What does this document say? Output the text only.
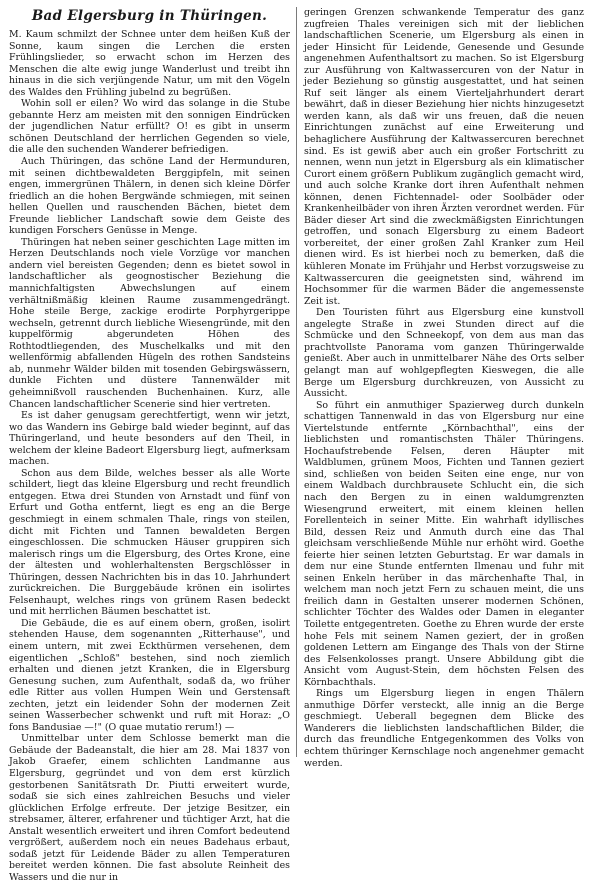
Bad Elgersburg in Thüringen.

M. Kaum schmilzt der Schnee unter dem heißen Kuß der Sonne, kaum singen die Lerchen die ersten Frühlingslieder, so erwacht schon im Herzen des Menschen die alte ewig junge Wanderlust und treibt ihn hinaus in die sich verjüngende Natur, um mit den Vögeln des Waldes den Frühling jubelnd zu begrüßen.

Wohin soll er eilen? Wo wird das solange in die Stube gebannte Herz am meisten mit den sonnigen Eindrücken der jugendlichen Natur erfüllt? O! es gibt in unserm schönen Deutschland der herrlichen Gegenden so viele, die alle den suchenden Wanderer befriedigen.

Auch Thüringen, das schöne Land der Hermunduren, mit seinen dichtbewaldeten Berggipfeln, mit seinen engen, immergrünen Thälern, in denen sich kleine Dörfer friedlich an die hohen Bergwände schmiegen, mit seinen hellen Quellen und rauschenden Bächen, bietet dem Freunde lieblicher Landschaft sowie dem Geiste des kundigen Forschers Genüsse in Menge.

Thüringen hat neben seiner geschichten Lage mitten im Herzen Deutschlands noch viele Vorzüge vor manchen andern viel bereisten Gegenden; denn es bietet sowol in landschaftlicher als geognostischer Beziehung die mannichfaltigsten Abwechslungen auf einem verhältnißmäßig kleinen Raume zusammengedrängt. Hohe steile Berge, zackige erodirte Porphyrgerippe wechseln, getrennt durch liebliche Wiesengründe, mit den kuppelförmig abgerundeten Höhen des Rothtodtliegenden, des Muschelkalks und mit den wellenförmig abfallenden Hügeln des rothen Sandsteins ab, nunmehr Wälder bilden mit tosenden Gebirgswässern, dunkle Fichten und düstere Tannenwälder mit geheimnißvoll rauschenden Buchenhainen. Kurz, alle Chancen landschaftlicher Scenerie sind hier vertreten.

Es ist daher genugsam gerechtfertigt, wenn wir jetzt, wo das Wandern ins Gebirge bald wieder beginnt, auf das Thüringerland, und heute besonders auf den Theil, in welchem der kleine Badeort Elgersburg liegt, aufmerksam machen.

Schon aus dem Bilde, welches besser als alle Worte schildert, liegt das kleine Elgersburg und recht freundlich entgegen. Etwa drei Stunden von Arnstadt und fünf von Erfurt und Gotha entfernt, liegt es eng an die Berge geschmiegt in einem schmalen Thale, rings von steilen, dicht mit Fichten und Tannen bewaldeten Bergen eingeschlossen. Die schmucken Häuser gruppiren sich malerisch rings um die Elgersburg, des Ortes Krone, eine der ältesten und wohlerhaltensten Bergschlösser in Thüringen, dessen Nachrichten bis in das 10. Jahrhundert zurückreichen. Die Burggebäude krönen ein isolirtes Felsenhaupt, welches rings von grünem Rasen bedeckt und mit herrlichen Bäumen beschattet ist.

Die Gebäude, die es auf einem obern, großen, isolirt stehenden Hause, dem sogenannten „Ritterhause", und einem untern, mit zwei Eckthürmen versehenen, dem eigentlichen „Schloß" bestehen, sind noch ziemlich erhalten und dienen jetzt Kranken, die in Elgersburg Genesung suchen, zum Aufenthalt, sodaß da, wo früher edle Ritter aus vollen Humpen Wein und Gerstensaft zechten, jetzt ein leidender Sohn der modernen Zeit seinen Wasserbecher schwenkt und ruft mit Horaz: „O fons Bandusiae —!" (O quae mutatio rerum!) —

Unmittelbar unter dem Schlosse bemerkt man die Gebäude der Badeanstalt, die hier am 28. Mai 1837 von Jakob Graefer, einem schlichten Landmanne aus Elgersburg, gegründet und von dem erst kürzlich gestorbenen Sanitätsrath Dr. Piutti erweitert wurde, sodaß sie sich eines zahlreichen Besuchs und vieler glücklichen Erfolge erfreute. Der jetzige Besitzer, ein strebsamer, älterer, erfahrener und tüchtiger Arzt, hat die Anstalt wesentlich erweitert und ihren Comfort bedeutend vergrößert, außerdem noch ein neues Badehaus erbaut, sodaß jetzt für Leidende Bäder zu allen Temperaturen bereitet werden können. Die fast absolute Reinheit des Wassers und die nur in

geringen Grenzen schwankende Temperatur des ganz zugfreien Thales vereinigen sich mit der lieblichen landschaftlichen Scenerie, um Elgersburg als einen in jeder Hinsicht für Leidende, Genesende und Gesunde angenehmen Aufenthaltsort zu machen. So ist Elgersburg zur Ausführung von Kaltwassercuren von der Natur in jeder Beziehung so günstig ausgestattet, und hat seinen Ruf seit länger als einem Vierteljahrhundert derart bewährt, daß in dieser Beziehung hier nichts hinzugesetzt werden kann, als daß wir uns freuen, daß die neuen Einrichtungen zunächst auf eine Erweiterung und behaglichere Ausführung der Kaltwassercuren berechnet sind. Es ist gewiß aber auch ein großer Fortschritt zu nennen, wenn nun jetzt in Elgersburg als ein klimatischer Curort einem größern Publikum zugänglich gemacht wird, und auch solche Kranke dort ihren Aufenthalt nehmen können, denen Fichtennadel- oder Soolbäder oder Krankenheilbäder von ihren Ärzten verordnet werden. Für Bäder dieser Art sind die zweckmäßigsten Einrichtungen getroffen, und sonach Elgersburg zu einem Badeort vorbereitet, der einer großen Zahl Kranker zum Heil dienen wird. Es ist hierbei noch zu bemerken, daß die kühleren Monate im Frühjahr und Herbst vorzugsweise zu Kaltwassercuren die geeignetsten sind, während im Hochsommer für die warmen Bäder die angemessenste Zeit ist.

Den Touristen führt aus Elgersburg eine kunstvoll angelegte Straße in zwei Stunden direct auf die Schmücke und den Schneekopf, von dem aus man das prachtvollste Panorama vom ganzen Thüringerwalde genießt. Aber auch in unmittelbarer Nähe des Orts selber gelangt man auf wohlgepflegten Kieswegen, die alle Berge um Elgersburg durchkreuzen, von Aussicht zu Aussicht.

So führt ein anmuthiger Spazierweg durch dunkeln schattigen Tannenwald in das von Elgersburg nur eine Viertelstunde entfernte „Körnbachthal", eins der lieblichsten und romantischsten Thäler Thüringens. Hochaufstrebende Felsen, deren Häupter mit Waldblumen, grünem Moos, Fichten und Tannen geziert sind, schließen von beiden Seiten eine enge, nur von einem Waldbach durchbrausete Schlucht ein, die sich nach den Bergen zu in einen waldumgrenzten Wiesengrund erweitert, mit einem kleinen hellen Forellenteich in seiner Mitte. Ein wahrhaft idyllisches Bild, dessen Reiz und Anmuth durch eine das Thal gleichsam verschließende Mühle nur erhöht wird. Goethe feierte hier seinen letzten Geburtstag. Er war damals in dem nur eine Stunde entfernten Ilmenau und fuhr mit seinen Enkeln herüber in das märchenhafte Thal, in welchem man noch jetzt Fern zu schauen meint, die uns freilich dann in Gestalten unserer modernen Schönen, schlichter Töchter des Waldes oder Damen in eleganter Toilette entgegentreten. Goethe zu Ehren wurde der erste hohe Fels mit seinem Namen geziert, der in großen goldenen Lettern am Eingange des Thals von der Stirne des Felsenkolosses prangt. Unsere Abbildung gibt die Ansicht vom August-Stein, dem höchsten Felsen des Körnbachthals.

Rings um Elgersburg liegen in engen Thälern anmuthige Dörfer versteckt, alle innig an die Berge geschmiegt. Ueberall begegnen dem Blicke des Wanderers die lieblichsten landschaftlichen Bilder, die durch das freundliche Entgegenkommen des Volks von echtem thüringer Kernschlage noch angenehmer gemacht werden.
